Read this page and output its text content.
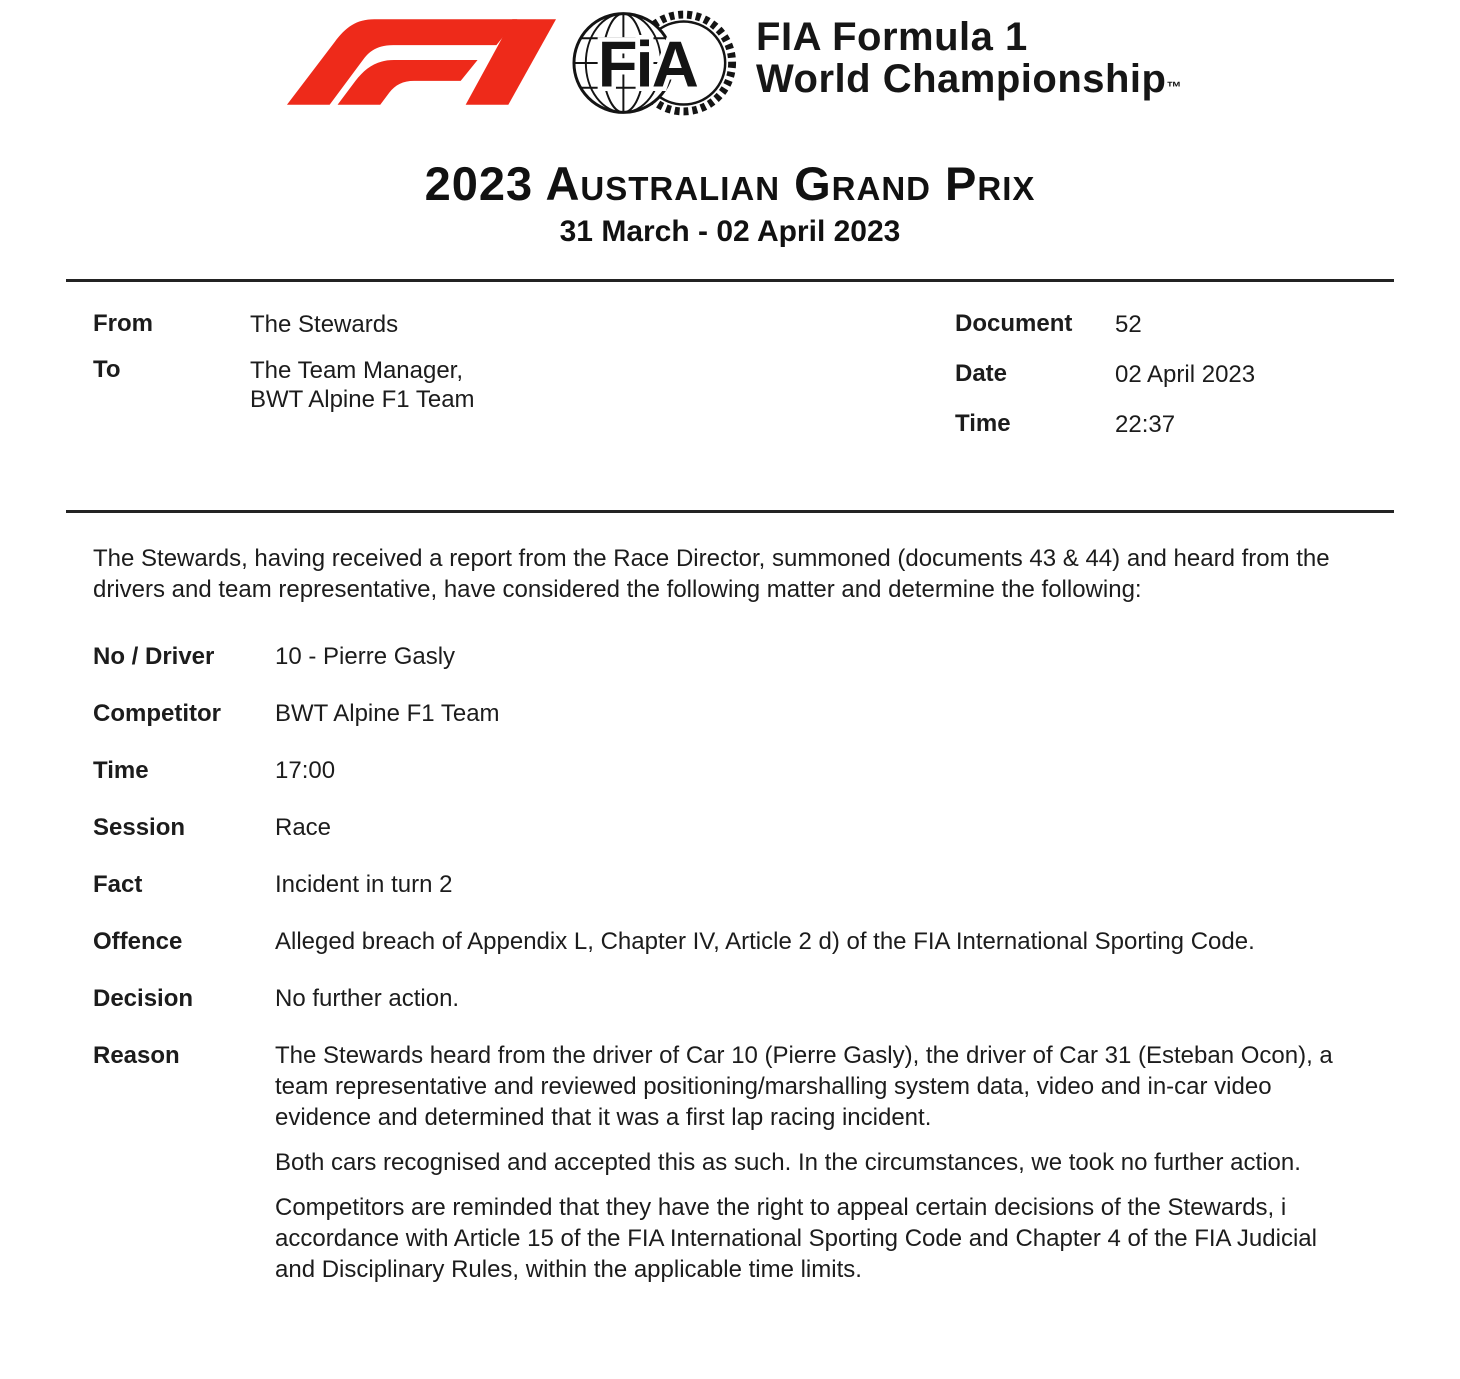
FiA FIA Formula 1
World Championship™
2023 Australian Grand Prix
31 March - 02 April 2023
From	The Stewards
To	The Team Manager,
BWT Alpine F1 Team
Document	52
Date	02 April 2023
Time	22:37

The Stewards, having received a report from the Race Director, summoned (documents 43 & 44) and heard from the drivers and team representative, have considered the following matter and determine the following:

No / Driver	10 - Pierre Gasly
Competitor	BWT Alpine F1 Team
Time	17:00
Session	Race
Fact	Incident in turn 2
Offence	Alleged breach of Appendix L, Chapter IV, Article 2 d) of the FIA International Sporting Code.
Decision	No further action.
Reason	The Stewards heard from the driver of Car 10 (Pierre Gasly), the driver of Car 31 (Esteban Ocon), a team representative and reviewed positioning/marshalling system data, video and in-car video evidence and determined that it was a first lap racing incident.

Both cars recognised and accepted this as such. In the circumstances, we took no further action.

Competitors are reminded that they have the right to appeal certain decisions of the Stewards, i accordance with Article 15 of the FIA International Sporting Code and Chapter 4 of the FIA Judicial and Disciplinary Rules, within the applicable time limits.
